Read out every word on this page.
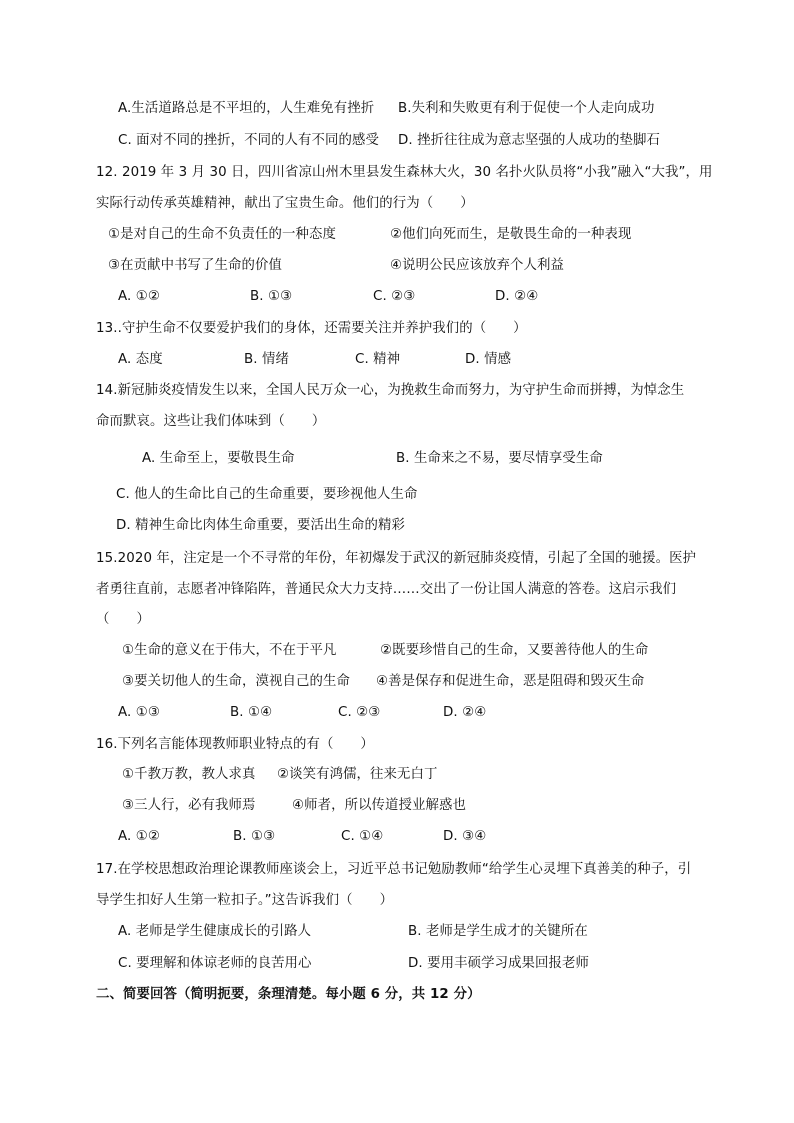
A.生活道路总是不平坦的，人生难免有挫折 B.失利和失败更有利于促使一个人走向成功
C. 面对不同的挫折，不同的人有不同的感受 D. 挫折往往成为意志坚强的人成功的垫脚石
12. 2019 年 3 月 30 日，四川省凉山州木里县发生森林大火，30 名扑火队员将“小我”融入“大我”，用
实际行动传承英雄精神，献出了宝贵生命。他们的行为（　　）
①是对自己的生命不负责任的一种态度	②他们向死而生，是敬畏生命的一种表现
③在贡献中书写了生命的价值	④说明公民应该放弃个人利益
A. ①②	B. ①③	C. ②③	D. ②④
13..守护生命不仅要爱护我们的身体，还需要关注并养护我们的（　　）
A. 态度	B. 情绪	C. 精神	D. 情感
14.新冠肺炎疫情发生以来，全国人民万众一心，为挽救生命而努力，为守护生命而拼搏，为悼念生
命而默哀。这些让我们体味到（　　）
A. 生命至上，要敬畏生命	B. 生命来之不易，要尽情享受生命
C. 他人的生命比自己的生命重要，要珍视他人生命
D. 精神生命比肉体生命重要，要活出生命的精彩
15.2020 年，注定是一个不寻常的年份，年初爆发于武汉的新冠肺炎疫情，引起了全国的驰援。医护
者勇往直前，志愿者冲锋陷阵，普通民众大力支持……交出了一份让国人满意的答卷。这启示我们
（　　）
①生命的意义在于伟大，不在于平凡	②既要珍惜自己的生命，又要善待他人的生命
③要关切他人的生命，漠视自己的生命 ④善是保存和促进生命，恶是阻碍和毁灭生命
A. ①③	B. ①④	C. ②③	D. ②④
16.下列名言能体现教师职业特点的有（　　）
①千教万教，教人求真 ②谈笑有鸿儒，往来无白丁
③三人行，必有我师焉	④师者，所以传道授业解惑也
A. ①②	B. ①③	C. ①④	D. ③④
17.在学校思想政治理论课教师座谈会上，习近平总书记勉励教师“给学生心灵埋下真善美的种子，引
导学生扣好人生第一粒扣子。”这告诉我们（　　）
A. 老师是学生健康成长的引路人	B. 老师是学生成才的关键所在
C. 要理解和体谅老师的良苦用心	D. 要用丰硕学习成果回报老师
二、简要回答（简明扼要，条理清楚。每小题 6 分，共 12 分）
